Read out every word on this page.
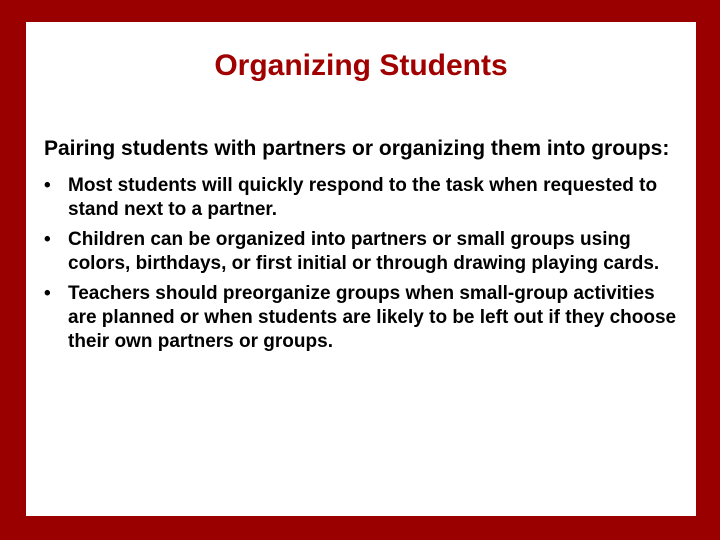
Organizing Students

Pairing students with partners or organizing them into groups:

• Most students will quickly respond to the task when requested to stand next to a partner.
• Children can be organized into partners or small groups using colors, birthdays, or first initial or through drawing playing cards.
• Teachers should preorganize groups when small-group activities are planned or when students are likely to be left out if they choose their own partners or groups.
